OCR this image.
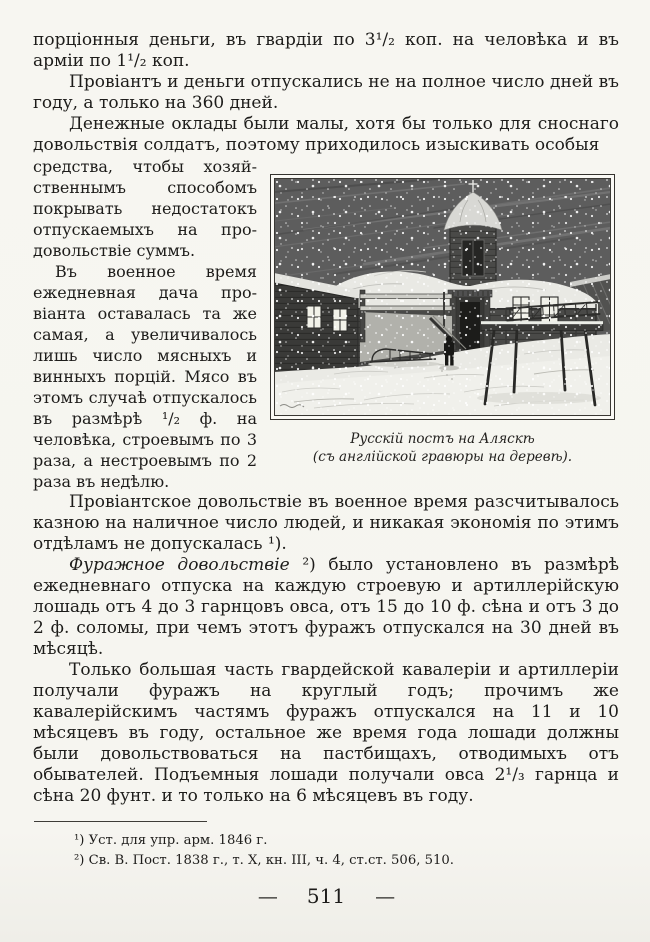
порціонныя деньги, въ гвардіи по 3¹/₂ коп. на человѣка и въ арміи по 1¹/₂ коп.

Провіантъ и деньги отпускались не на полное число дней въ году, а только на 360 дней.

Денежные оклады были малы, хотя бы только для сноснаго довольствія солдатъ, поэтому приходилось изыскивать особыя

средства, чтобы хозяйственнымъ способомъ покрывать недостатокъ отпускаемыхъ на продовольствіе суммъ.

Въ военное время ежедневная дача провіанта оставалась та же самая, а увеличивалось лишь число мясныхъ и винныхъ порцій. Мясо въ этомъ случаѣ отпускалось въ размѣрѣ ¹/₂ ф. на человѣка, строевымъ по 3 раза, а нестроевымъ по 2 раза въ недѣлю.

Русскій постъ на Аляскѣ

(съ англійской гравюры на деревѣ).

Провіантское довольствіе въ военное время разсчитывалось казною на наличное число людей, и никакая экономія по этимъ отдѣламъ не допускалась ¹).

Фуражное довольствіе ²) было установлено въ размѣрѣ ежедневнаго отпуска на каждую строевую и артиллерійскую лошадь отъ 4 до 3 гарнцовъ овса, отъ 15 до 10 ф. сѣна и отъ 3 до 2 ф. соломы, при чемъ этотъ фуражъ отпускался на 30 дней въ мѣсяцѣ.

Только большая часть гвардейской кавалеріи и артиллеріи получали фуражъ на круглый годъ; прочимъ же кавалерійскимъ частямъ фуражъ отпускался на 11 и 10 мѣсяцевъ въ году, остальное же время года лошади должны были довольствоваться на пастбищахъ, отводимыхъ отъ обывателей. Подъемныя лошади получали овса 2¹/₃ гарнца и сѣна 20 фунт. и то только на 6 мѣсяцевъ въ году.

¹) Уст. для упр. арм. 1846 г.

²) Св. В. Пост. 1838 г., т. X, кн. III, ч. 4, ст.ст. 506, 510.

— 511 —
